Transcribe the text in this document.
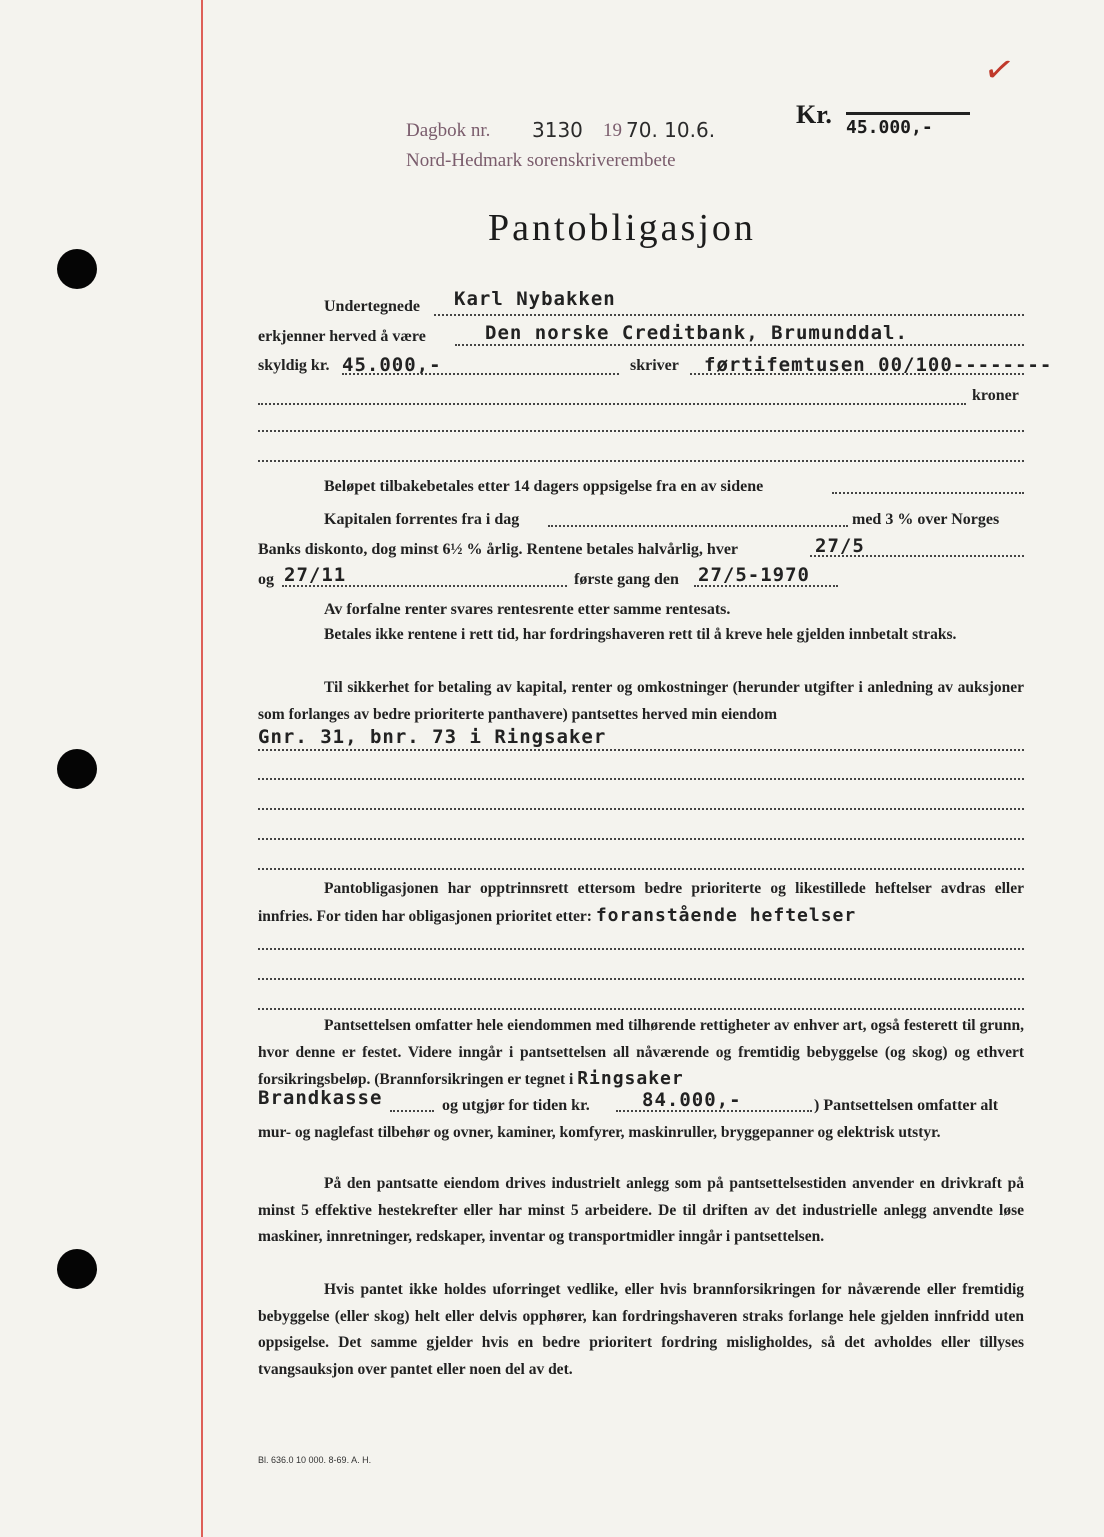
✓
Dagbok nr. 3130 19 70. 10.6.
Nord-Hedmark sorenskriverembete
Kr. 45.000,-
Pantobligasjon
Undertegnede Karl Nybakken
erkjenner herved å være	Den norske Creditbank, Brumunddal.
skyldig kr. 45.000,-	skriver førtifemtusen 00/100--------
kroner
Beløpet tilbakebetales etter 14 dagers oppsigelse fra en av sidene
Kapitalen forrentes fra i dag	med 3 % over Norges
Banks diskonto, dog minst 6½ % årlig. Rentene betales halvårlig, hver	27/5
og 27/11	første gang den 27/5-1970
Av forfalne renter svares rentesrente etter samme rentesats.
Betales ikke rentene i rett tid, har fordringshaveren rett til å kreve hele gjelden innbetalt straks.
Til sikkerhet for betaling av kapital, renter og omkostninger (herunder utgifter i anledning av auksjoner som forlanges av bedre prioriterte panthavere) pantsettes herved min eiendom
Gnr. 31, bnr. 73 i Ringsaker
Pantobligasjonen har opptrinnsrett ettersom bedre prioriterte og likestillede heftelser avdras eller innfries. For tiden har obligasjonen prioritet etter: foranstående heftelser
Pantsettelsen omfatter hele eiendommen med tilhørende rettigheter av enhver art, også festerett til grunn, hvor denne er festet. Videre inngår i pantsettelsen all nåværende og fremtidig bebyggelse (og skog) og ethvert forsikringsbeløp. (Brannforsikringen er tegnet i Ringsaker
Brandkasse	og utgjør for tiden kr.	84.000,-	) Pantsettelsen omfatter alt
mur- og naglefast tilbehør og ovner, kaminer, komfyrer, maskinruller, bryggepanner og elektrisk utstyr.
På den pantsatte eiendom drives industrielt anlegg som på pantsettelsestiden anvender en drivkraft på minst 5 effektive hestekrefter eller har minst 5 arbeidere. De til driften av det industrielle anlegg anvendte løse maskiner, innretninger, redskaper, inventar og transportmidler inngår i pantsettelsen.
Hvis pantet ikke holdes uforringet vedlike, eller hvis brannforsikringen for nåværende eller fremtidig bebyggelse (eller skog) helt eller delvis opphører, kan fordringshaveren straks forlange hele gjelden innfridd uten oppsigelse. Det samme gjelder hvis en bedre prioritert fordring misligholdes, så det avholdes eller tillyses tvangsauksjon over pantet eller noen del av det.
Bl. 636.0 10 000. 8-69. A. H.
